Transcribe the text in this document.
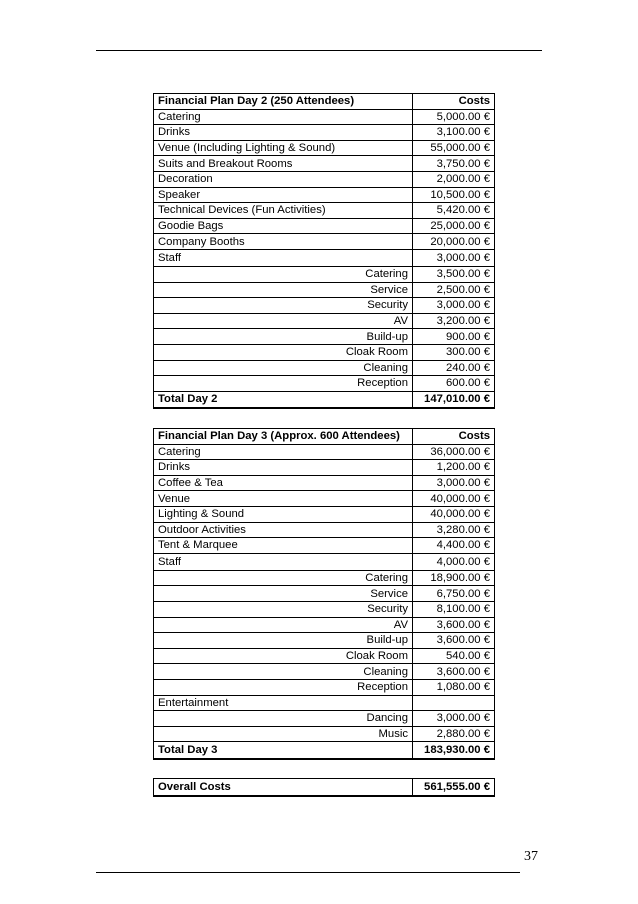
Financial Plan Day 2 (250 Attendees)	Costs
Catering	5,000.00 €
Drinks	3,100.00 €
Venue (Including Lighting & Sound)	55,000.00 €
Suits and Breakout Rooms	3,750.00 €
Decoration	2,000.00 €
Speaker	10,500.00 €
Technical Devices (Fun Activities)	5,420.00 €
Goodie Bags	25,000.00 €
Company Booths	20,000.00 €
Staff	3,000.00 €
Catering	3,500.00 €
Service	2,500.00 €
Security	3,000.00 €
AV	3,200.00 €
Build-up	900.00 €
Cloak Room	300.00 €
Cleaning	240.00 €
Reception	600.00 €
Total Day 2	147,010.00 €
Financial Plan Day 3 (Approx. 600 Attendees)	Costs
Catering	36,000.00 €
Drinks	1,200.00 €
Coffee & Tea	3,000.00 €
Venue	40,000.00 €
Lighting & Sound	40,000.00 €
Outdoor Activities	3,280.00 €
Tent & Marquee	4,400.00 €
Staff	4,000.00 €
Catering	18,900.00 €
Service	6,750.00 €
Security	8,100.00 €
AV	3,600.00 €
Build-up	3,600.00 €
Cloak Room	540.00 €
Cleaning	3,600.00 €
Reception	1,080.00 €
Entertainment	
Dancing	3,000.00 €
Music	2,880.00 €
Total Day 3	183,930.00 €
Overall Costs	561,555.00 €
37
